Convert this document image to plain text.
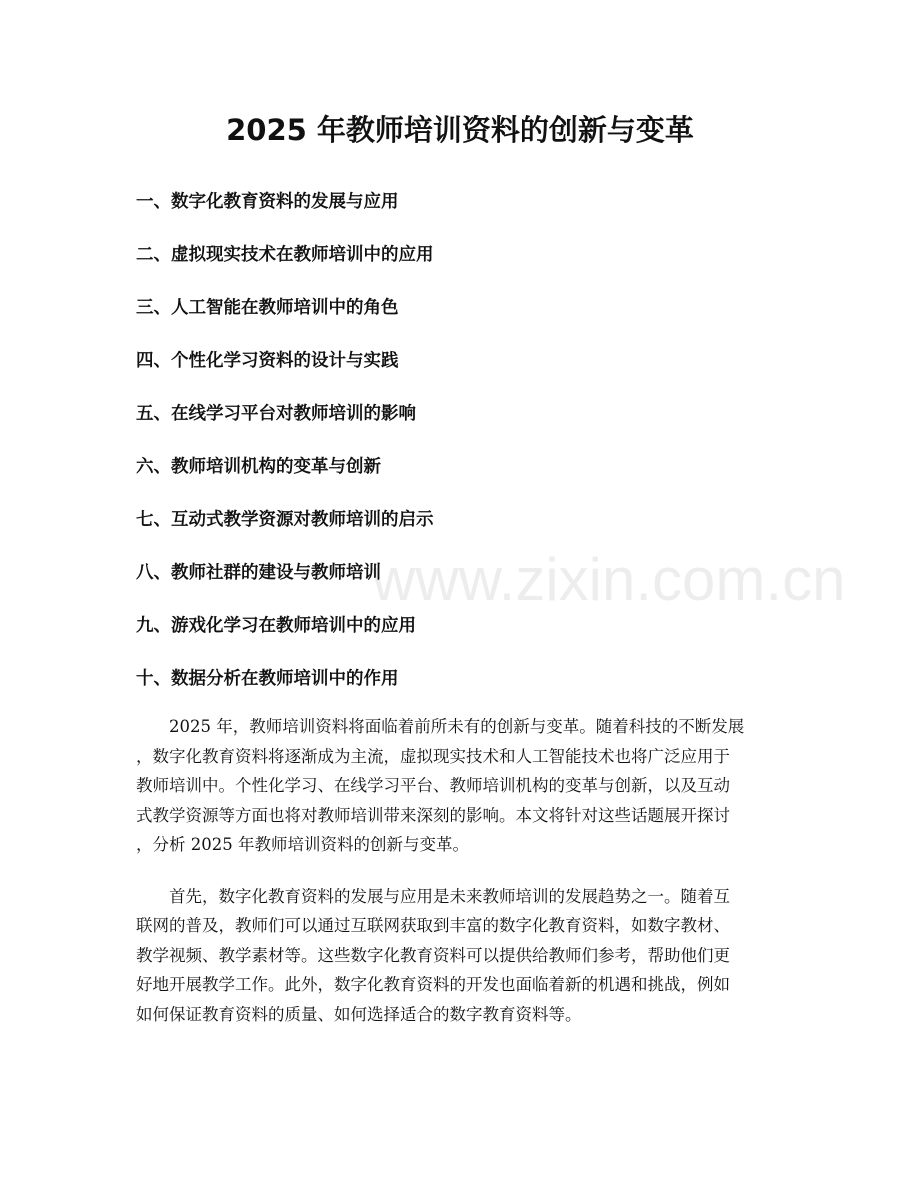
2025 年教师培训资料的创新与变革
一、数字化教育资料的发展与应用
二、虚拟现实技术在教师培训中的应用
三、人工智能在教师培训中的角色
四、个性化学习资料的设计与实践
五、在线学习平台对教师培训的影响
六、教师培训机构的变革与创新
七、互动式教学资源对教师培训的启示
八、教师社群的建设与教师培训
九、游戏化学习在教师培训中的应用
十、数据分析在教师培训中的作用

2025 年，教师培训资料将面临着前所未有的创新与变革。随着科技的不断发展
，数字化教育资料将逐渐成为主流，虚拟现实技术和人工智能技术也将广泛应用于
教师培训中。个性化学习、在线学习平台、教师培训机构的变革与创新，以及互动
式教学资源等方面也将对教师培训带来深刻的影响。本文将针对这些话题展开探讨
，分析 2025 年教师培训资料的创新与变革。

首先，数字化教育资料的发展与应用是未来教师培训的发展趋势之一。随着互
联网的普及，教师们可以通过互联网获取到丰富的数字化教育资料，如数字教材、
教学视频、教学素材等。这些数字化教育资料可以提供给教师们参考，帮助他们更
好地开展教学工作。此外，数字化教育资料的开发也面临着新的机遇和挑战，例如
如何保证教育资料的质量、如何选择适合的数字教育资料等。

www.zixin.com.cn
